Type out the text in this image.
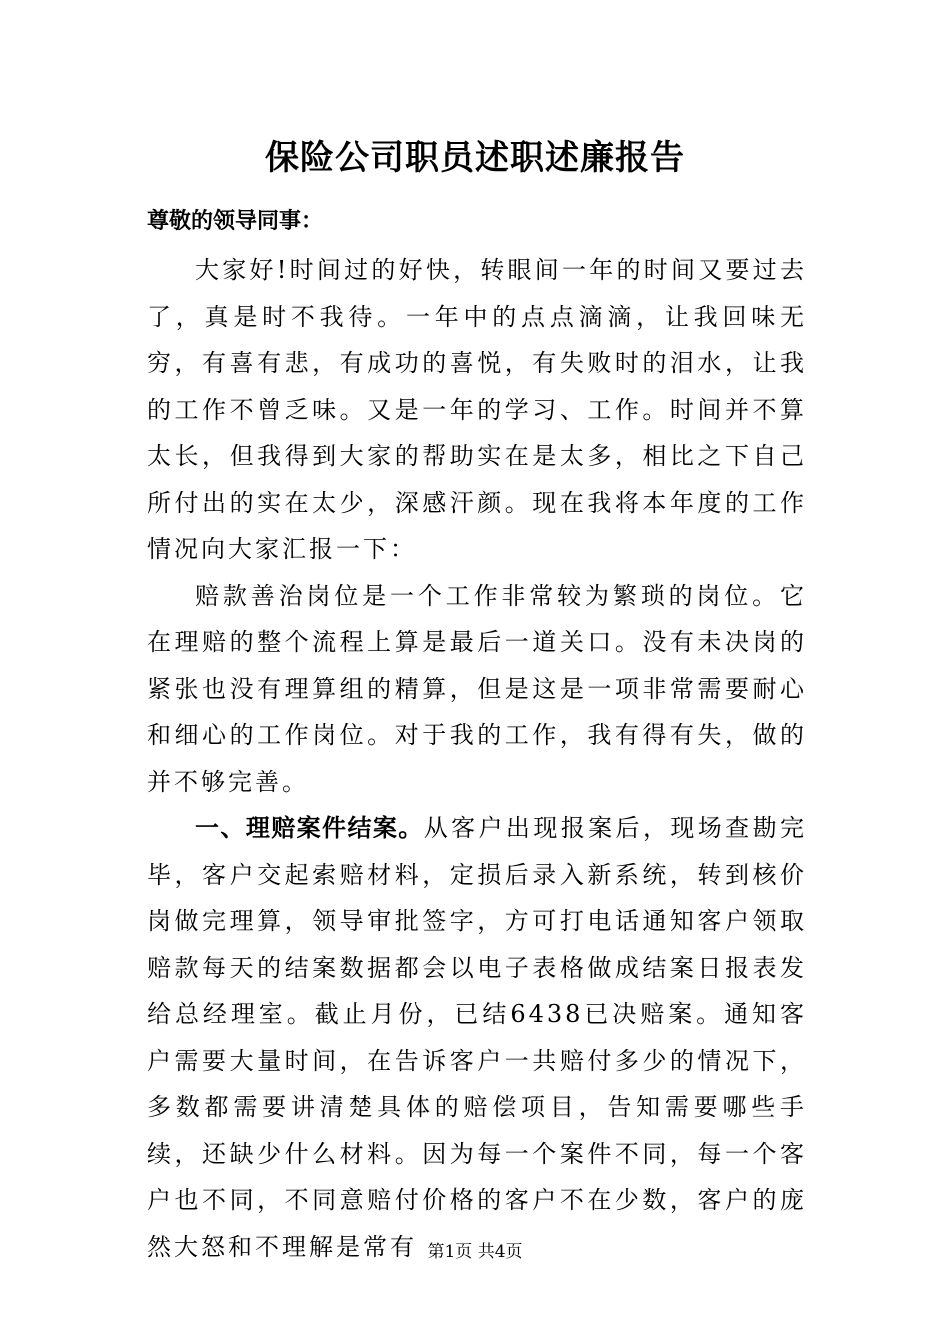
保险公司职员述职述廉报告
尊敬的领导同事：

大家好!时间过的好快，转眼间一年的时间又要过去了，真是时不我待。一年中的点点滴滴，让我回味无穷，有喜有悲，有成功的喜悦，有失败时的泪水，让我的工作不曾乏味。又是一年的学习、工作。时间并不算太长，但我得到大家的帮助实在是太多，相比之下自己所付出的实在太少，深感汗颜。现在我将本年度的工作情况向大家汇报一下：

赔款善治岗位是一个工作非常较为繁琐的岗位。它在理赔的整个流程上算是最后一道关口。没有未决岗的紧张也没有理算组的精算，但是这是一项非常需要耐心和细心的工作岗位。对于我的工作，我有得有失，做的并不够完善。

一、理赔案件结案。从客户出现报案后，现场查勘完毕，客户交起索赔材料，定损后录入新系统，转到核价岗做完理算，领导审批签字，方可打电话通知客户领取赔款每天的结案数据都会以电子表格做成结案日报表发给总经理室。截止月份，已结6438已决赔案。通知客户需要大量时间，在告诉客户一共赔付多少的情况下，多数都需要讲清楚具体的赔偿项目，告知需要哪些手续，还缺少什么材料。因为每一个案件不同，每一个客户也不同，不同意赔付价格的客户不在少数，客户的庞然大怒和不理解是常有 第1页 共4页
